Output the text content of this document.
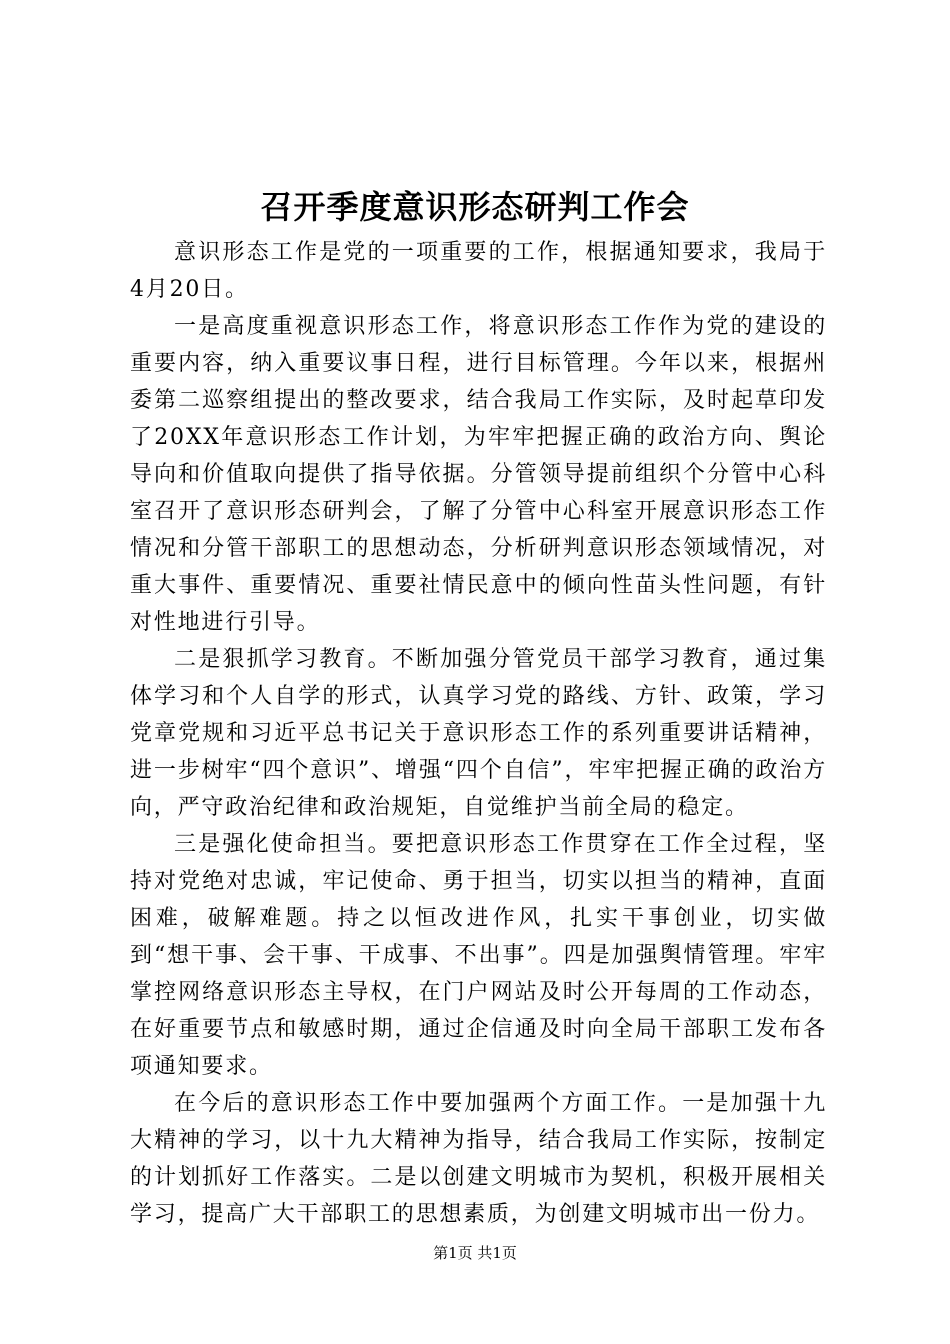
召开季度意识形态研判工作会

意识形态工作是党的一项重要的工作，根据通知要求，我局于4月20日。

一是高度重视意识形态工作，将意识形态工作作为党的建设的重要内容，纳入重要议事日程，进行目标管理。今年以来，根据州委第二巡察组提出的整改要求，结合我局工作实际，及时起草印发了20XX年意识形态工作计划，为牢牢把握正确的政治方向、舆论导向和价值取向提供了指导依据。分管领导提前组织个分管中心科室召开了意识形态研判会，了解了分管中心科室开展意识形态工作情况和分管干部职工的思想动态，分析研判意识形态领域情况，对重大事件、重要情况、重要社情民意中的倾向性苗头性问题，有针对性地进行引导。

二是狠抓学习教育。不断加强分管党员干部学习教育，通过集体学习和个人自学的形式，认真学习党的路线、方针、政策，学习党章党规和习近平总书记关于意识形态工作的系列重要讲话精神，进一步树牢“四个意识”、增强“四个自信”，牢牢把握正确的政治方向，严守政治纪律和政治规矩，自觉维护当前全局的稳定。

三是强化使命担当。要把意识形态工作贯穿在工作全过程，坚持对党绝对忠诚，牢记使命、勇于担当，切实以担当的精神，直面困难，破解难题。持之以恒改进作风，扎实干事创业，切实做到“想干事、会干事、干成事、不出事”。四是加强舆情管理。牢牢掌控网络意识形态主导权，在门户网站及时公开每周的工作动态，在好重要节点和敏感时期，通过企信通及时向全局干部职工发布各项通知要求。

在今后的意识形态工作中要加强两个方面工作。一是加强十九大精神的学习，以十九大精神为指导，结合我局工作实际，按制定的计划抓好工作落实。二是以创建文明城市为契机，积极开展相关学习，提高广大干部职工的思想素质，为创建文明城市出一份力。

第1页 共1页
